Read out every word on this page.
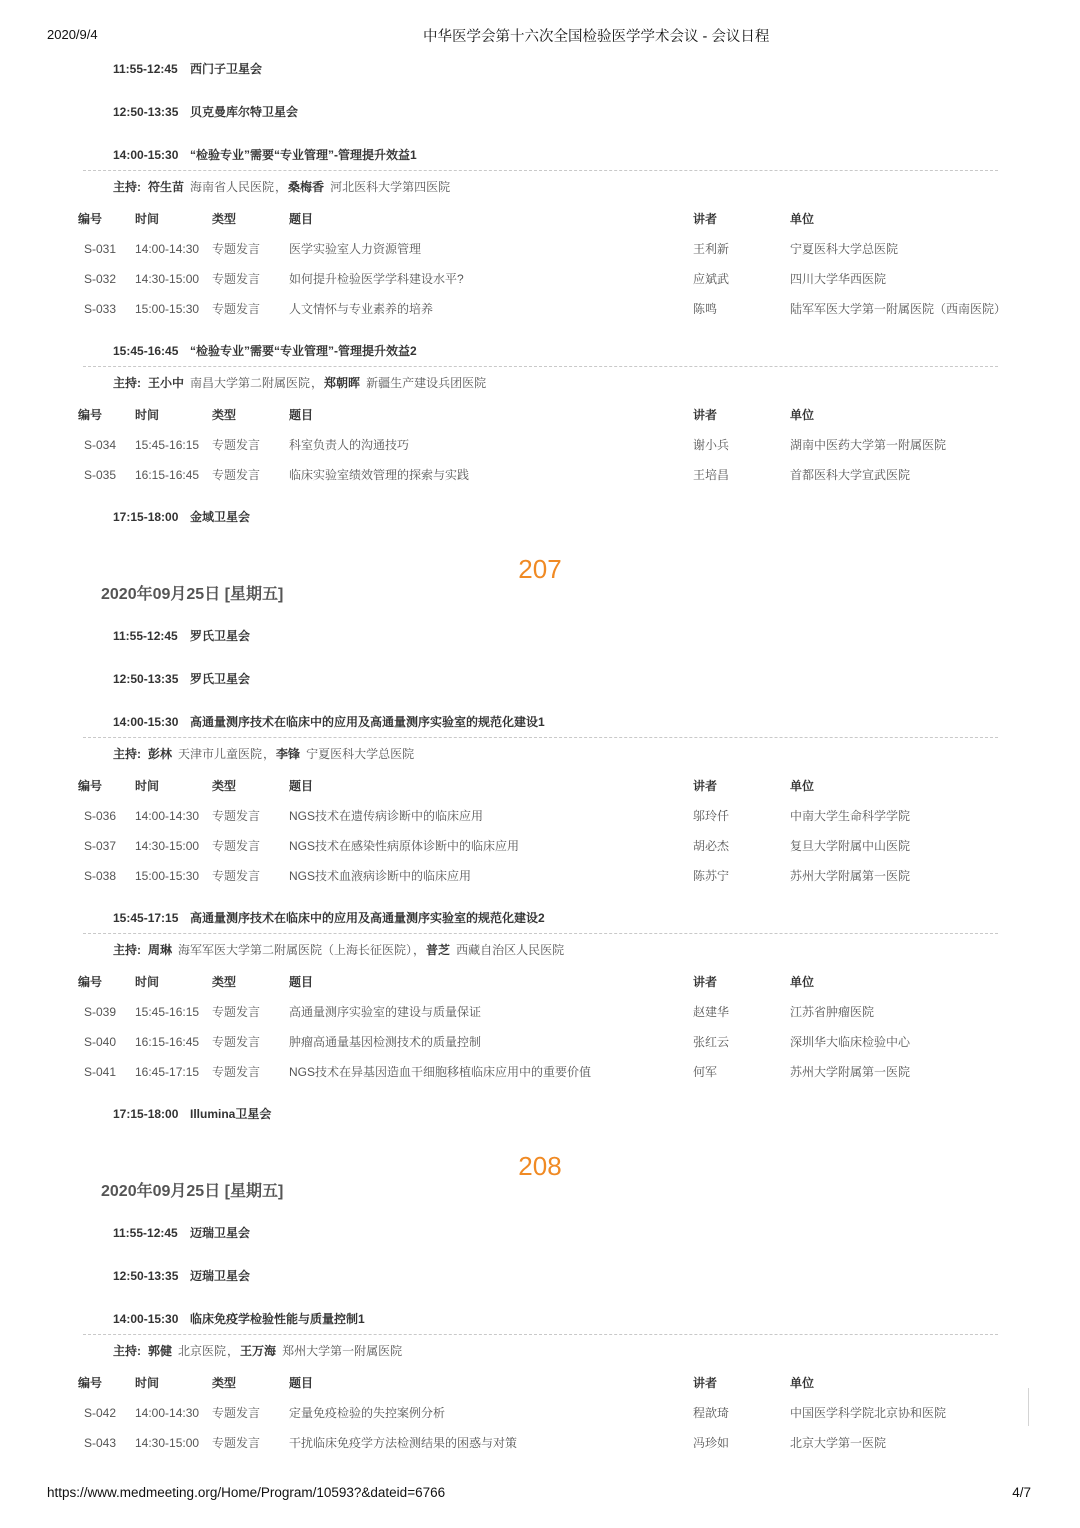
2020/9/4	中华医学会第十六次全国检验医学学术会议 - 会议日程
11:55-12:45 西门子卫星会
12:50-13:35 贝克曼库尔特卫星会
14:00-15:30 “检验专业”需要“专业管理”-管理提升效益1
主持: 符生苗 海南省人民医院，桑梅香 河北医科大学第四医院
编号	时间	类型	题目	讲者	单位
S-031 14:00-14:30 专题发言 医学实验室人力资源管理	王利新	宁夏医科大学总医院
S-032 14:30-15:00 专题发言 如何提升检验医学学科建设水平?	应斌武	四川大学华西医院
S-033 15:00-15:30 专题发言 人文情怀与专业素养的培养	陈鸣	陆军军医大学第一附属医院（西南医院）
15:45-16:45 “检验专业”需要“专业管理”-管理提升效益2
主持: 王小中 南昌大学第二附属医院，郑朝晖 新疆生产建设兵团医院
编号	时间	类型	题目	讲者	单位
S-034 15:45-16:15 专题发言 科室负责人的沟通技巧	谢小兵	湖南中医药大学第一附属医院
S-035 16:15-16:45 专题发言 临床实验室绩效管理的探索与实践	王培昌	首都医科大学宣武医院
17:15-18:00 金域卫星会
207
2020年09月25日 [星期五]
11:55-12:45 罗氏卫星会
12:50-13:35 罗氏卫星会
14:00-15:30 高通量测序技术在临床中的应用及高通量测序实验室的规范化建设1
主持: 彭林 天津市儿童医院，李锋 宁夏医科大学总医院
编号	时间	类型	题目	讲者	单位
S-036 14:00-14:30 专题发言 NGS技术在遗传病诊断中的临床应用	邬玲仟	中南大学生命科学学院
S-037 14:30-15:00 专题发言 NGS技术在感染性病原体诊断中的临床应用	胡必杰	复旦大学附属中山医院
S-038 15:00-15:30 专题发言 NGS技术血液病诊断中的临床应用	陈苏宁	苏州大学附属第一医院
15:45-17:15 高通量测序技术在临床中的应用及高通量测序实验室的规范化建设2
主持: 周琳 海军军医大学第二附属医院（上海长征医院），普芝 西藏自治区人民医院
编号	时间	类型	题目	讲者	单位
S-039 15:45-16:15 专题发言 高通量测序实验室的建设与质量保证	赵建华	江苏省肿瘤医院
S-040 16:15-16:45 专题发言 肿瘤高通量基因检测技术的质量控制	张红云	深圳华大临床检验中心
S-041 16:45-17:15 专题发言 NGS技术在异基因造血干细胞移植临床应用中的重要价值	何军	苏州大学附属第一医院
17:15-18:00 Illumina卫星会
208
2020年09月25日 [星期五]
11:55-12:45 迈瑞卫星会
12:50-13:35 迈瑞卫星会
14:00-15:30 临床免疫学检验性能与质量控制1
主持: 郭健 北京医院，王万海 郑州大学第一附属医院
编号	时间	类型	题目	讲者	单位
S-042 14:00-14:30 专题发言 定量免疫检验的失控案例分析	程歆琦	中国医学科学院北京协和医院
S-043 14:30-15:00 专题发言 干扰临床免疫学方法检测结果的困惑与对策	冯珍如	北京大学第一医院
https://www.medmeeting.org/Home/Program/10593?&dateid=6766	4/7
